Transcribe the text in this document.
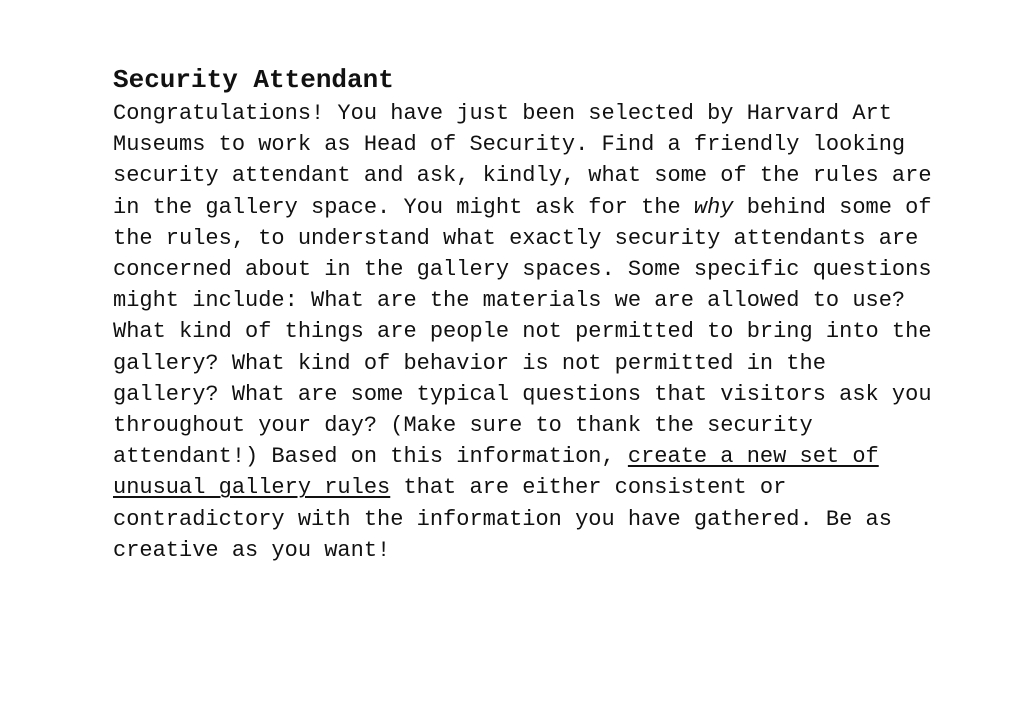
Security Attendant

Congratulations! You have just been selected by Harvard Art Museums to work as Head of Security. Find a friendly looking security attendant and ask, kindly, what some of the rules are in the gallery space. You might ask for the why behind some of the rules, to understand what exactly security attendants are concerned about in the gallery spaces. Some specific questions might include: What are the materials we are allowed to use? What kind of things are people not permitted to bring into the gallery? What kind of behavior is not permitted in the gallery? What are some typical questions that visitors ask you throughout your day? (Make sure to thank the security attendant!) Based on this information, create a new set of unusual gallery rules that are either consistent or contradictory with the information you have gathered. Be as creative as you want!
